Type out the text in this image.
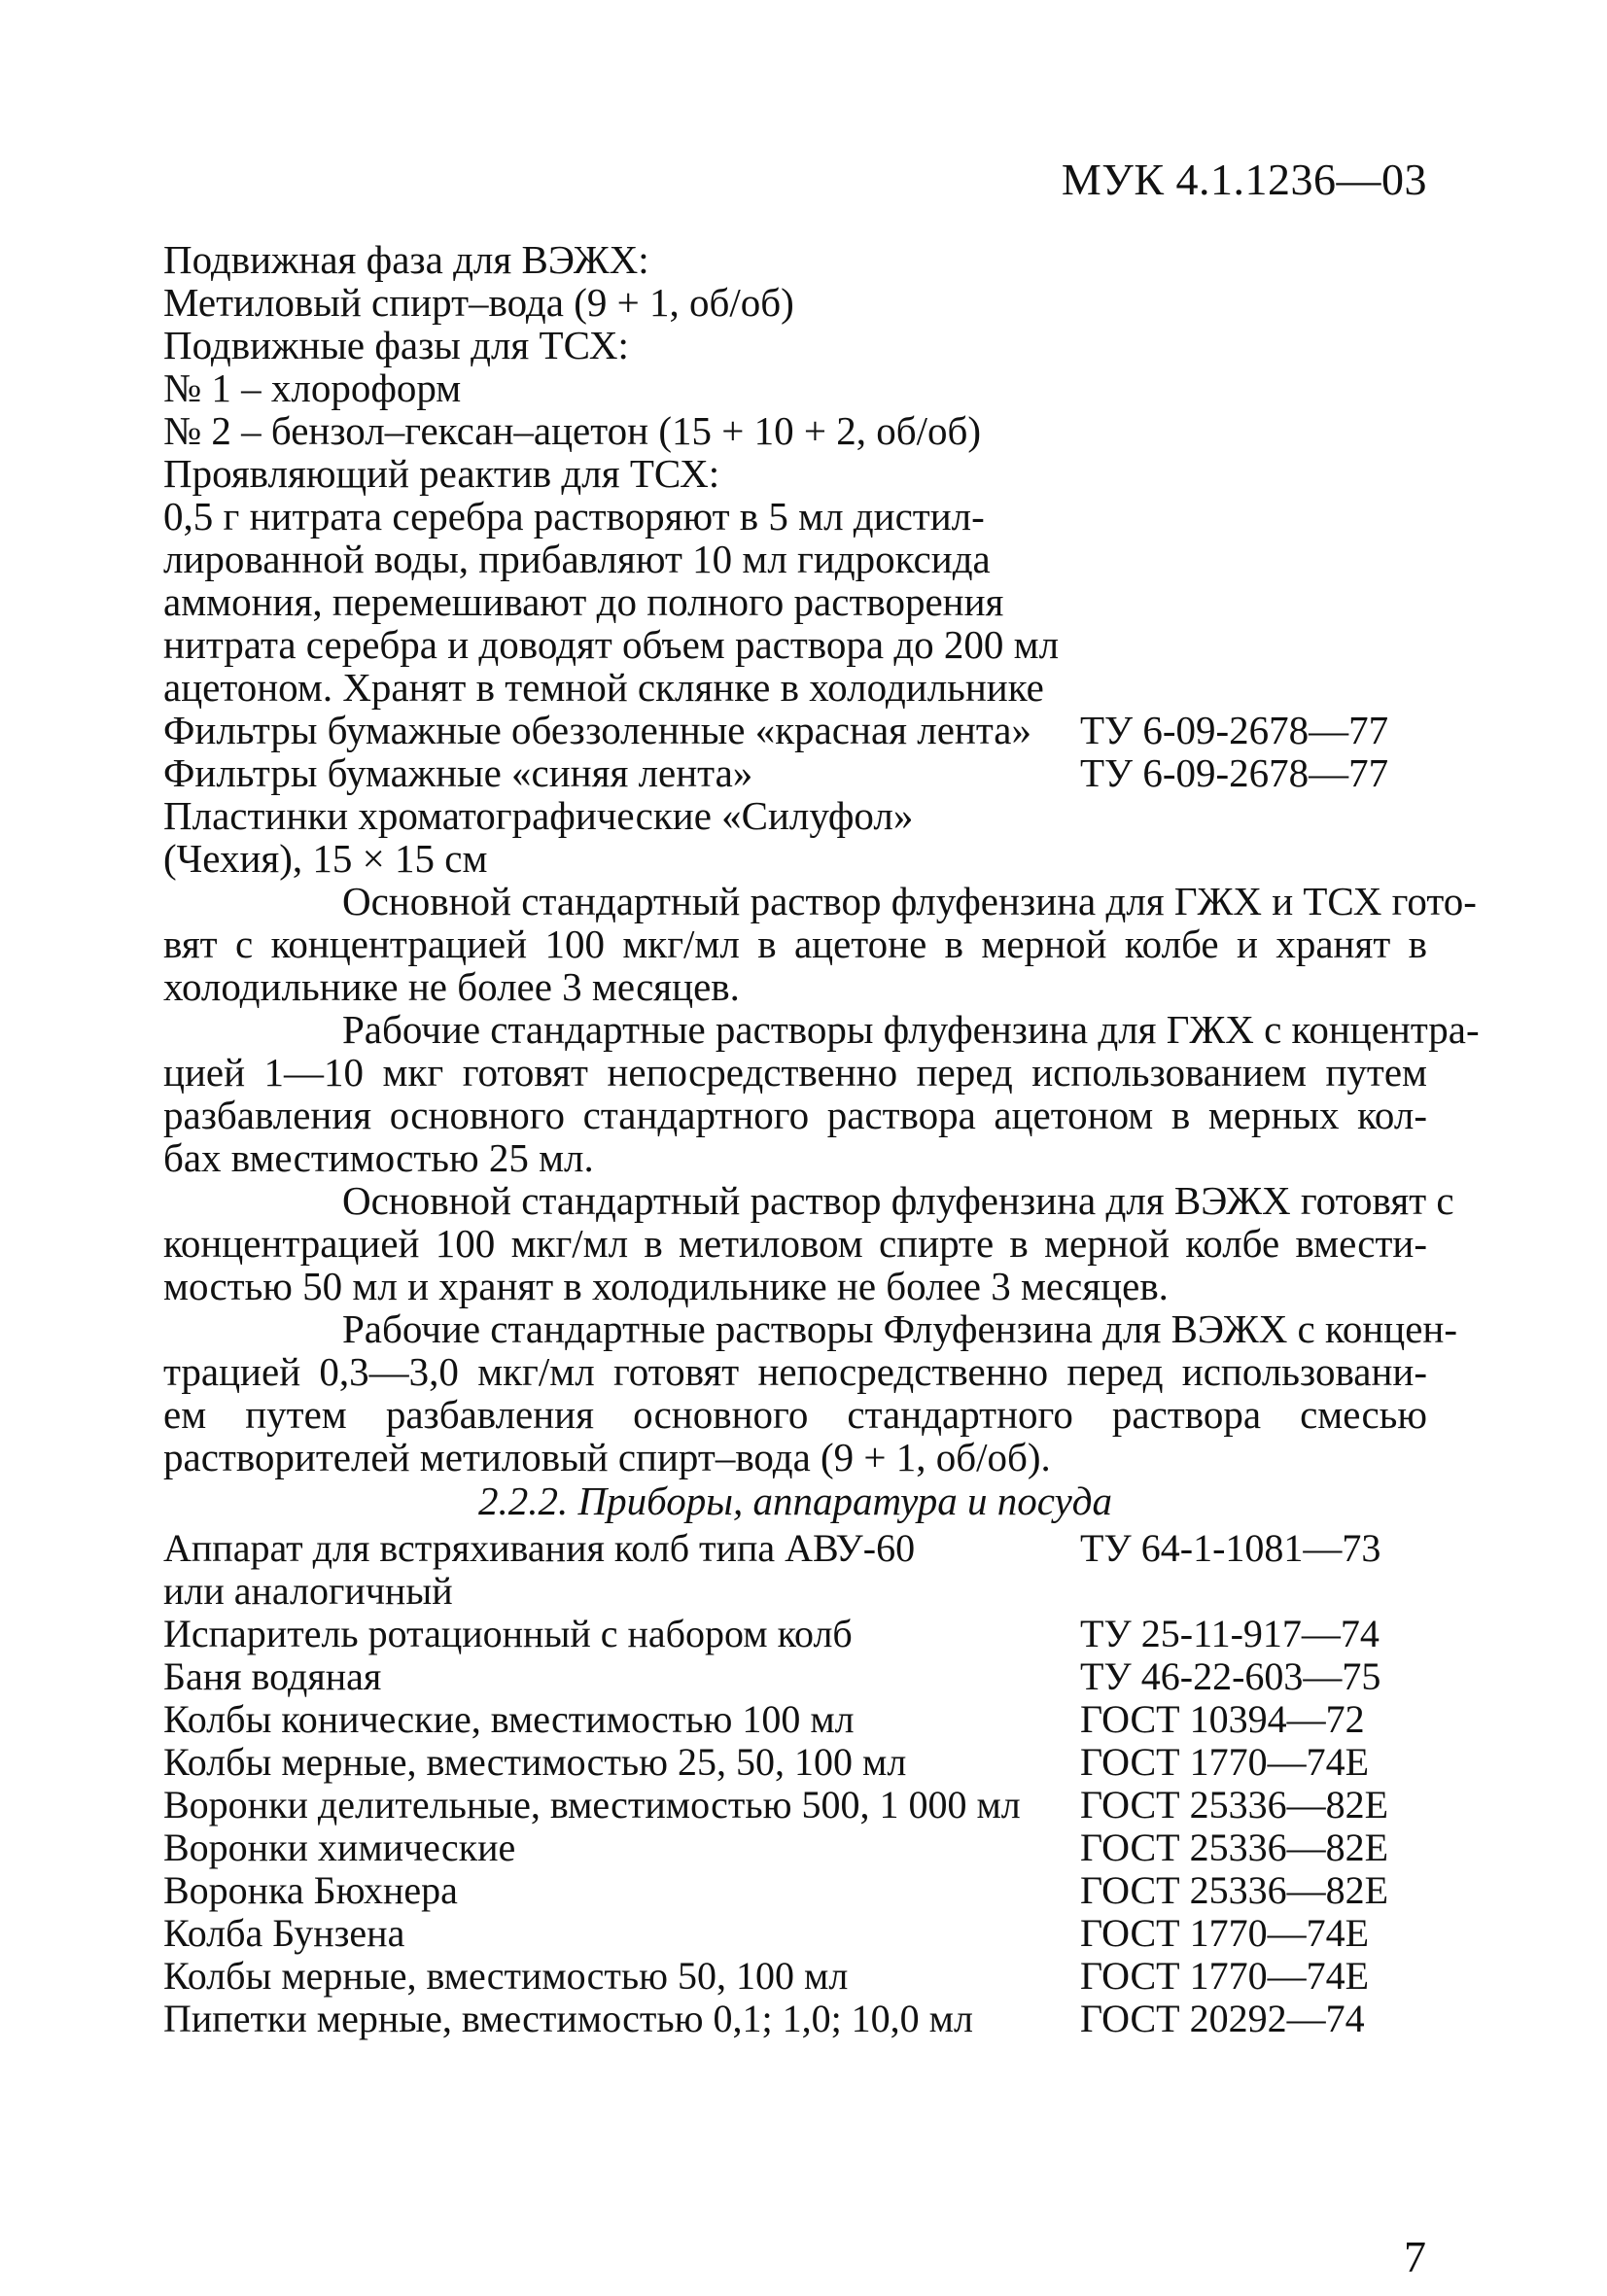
МУК 4.1.1236—03
Подвижная фаза для ВЭЖХ:
Метиловый спирт–вода (9 + 1, об/об)
Подвижные фазы для ТСХ:
№ 1 – хлороформ
№ 2 – бензол–гексан–ацетон (15 + 10 + 2, об/об)
Проявляющий реактив для ТСХ:
0,5 г нитрата серебра растворяют в 5 мл дистил-
лированной воды, прибавляют 10 мл гидроксида
аммония, перемешивают до полного растворения
нитрата серебра и доводят объем раствора до 200 мл
ацетоном. Хранят в темной склянке в холодильнике
Фильтры бумажные обеззоленные «красная лента»	ТУ 6-09-2678—77
Фильтры бумажные «синяя лента»	ТУ 6-09-2678—77
Пластинки хроматографические «Силуфол»
(Чехия), 15 × 15 см
Основной стандартный раствор флуфензина для ГЖХ и ТСХ гото-
вят с концентрацией 100 мкг/мл в ацетоне в мерной колбе и хранят в
холодильнике не более 3 месяцев.
Рабочие стандартные растворы флуфензина для ГЖХ с концентра-
цией 1—10 мкг готовят непосредственно перед использованием путем
разбавления основного стандартного раствора ацетоном в мерных кол-
бах вместимостью 25 мл.
Основной стандартный раствор флуфензина для ВЭЖХ готовят с
концентрацией 100 мкг/мл в метиловом спирте в мерной колбе вмести-
мостью 50 мл и хранят в холодильнике не более 3 месяцев.
Рабочие стандартные растворы Флуфензина для ВЭЖХ с концен-
трацией 0,3—3,0 мкг/мл готовят непосредственно перед использовани-
ем путем разбавления основного стандартного раствора смесью
растворителей метиловый спирт–вода (9 + 1, об/об).
2.2.2. Приборы, аппаратура и посуда
Аппарат для встряхивания колб типа АВУ-60	ТУ 64-1-1081—73
или аналогичный
Испаритель ротационный с набором колб	ТУ 25-11-917—74
Баня водяная	ТУ 46-22-603—75
Колбы конические, вместимостью 100 мл	ГОСТ 10394—72
Колбы мерные, вместимостью 25, 50, 100 мл	ГОСТ 1770—74Е
Воронки делительные, вместимостью 500, 1 000 мл	ГОСТ 25336—82Е
Воронки химические	ГОСТ 25336—82Е
Воронка Бюхнера	ГОСТ 25336—82Е
Колба Бунзена	ГОСТ 1770—74Е
Колбы мерные, вместимостью 50, 100 мл	ГОСТ 1770—74Е
Пипетки мерные, вместимостью 0,1; 1,0; 10,0 мл	ГОСТ 20292—74
7
